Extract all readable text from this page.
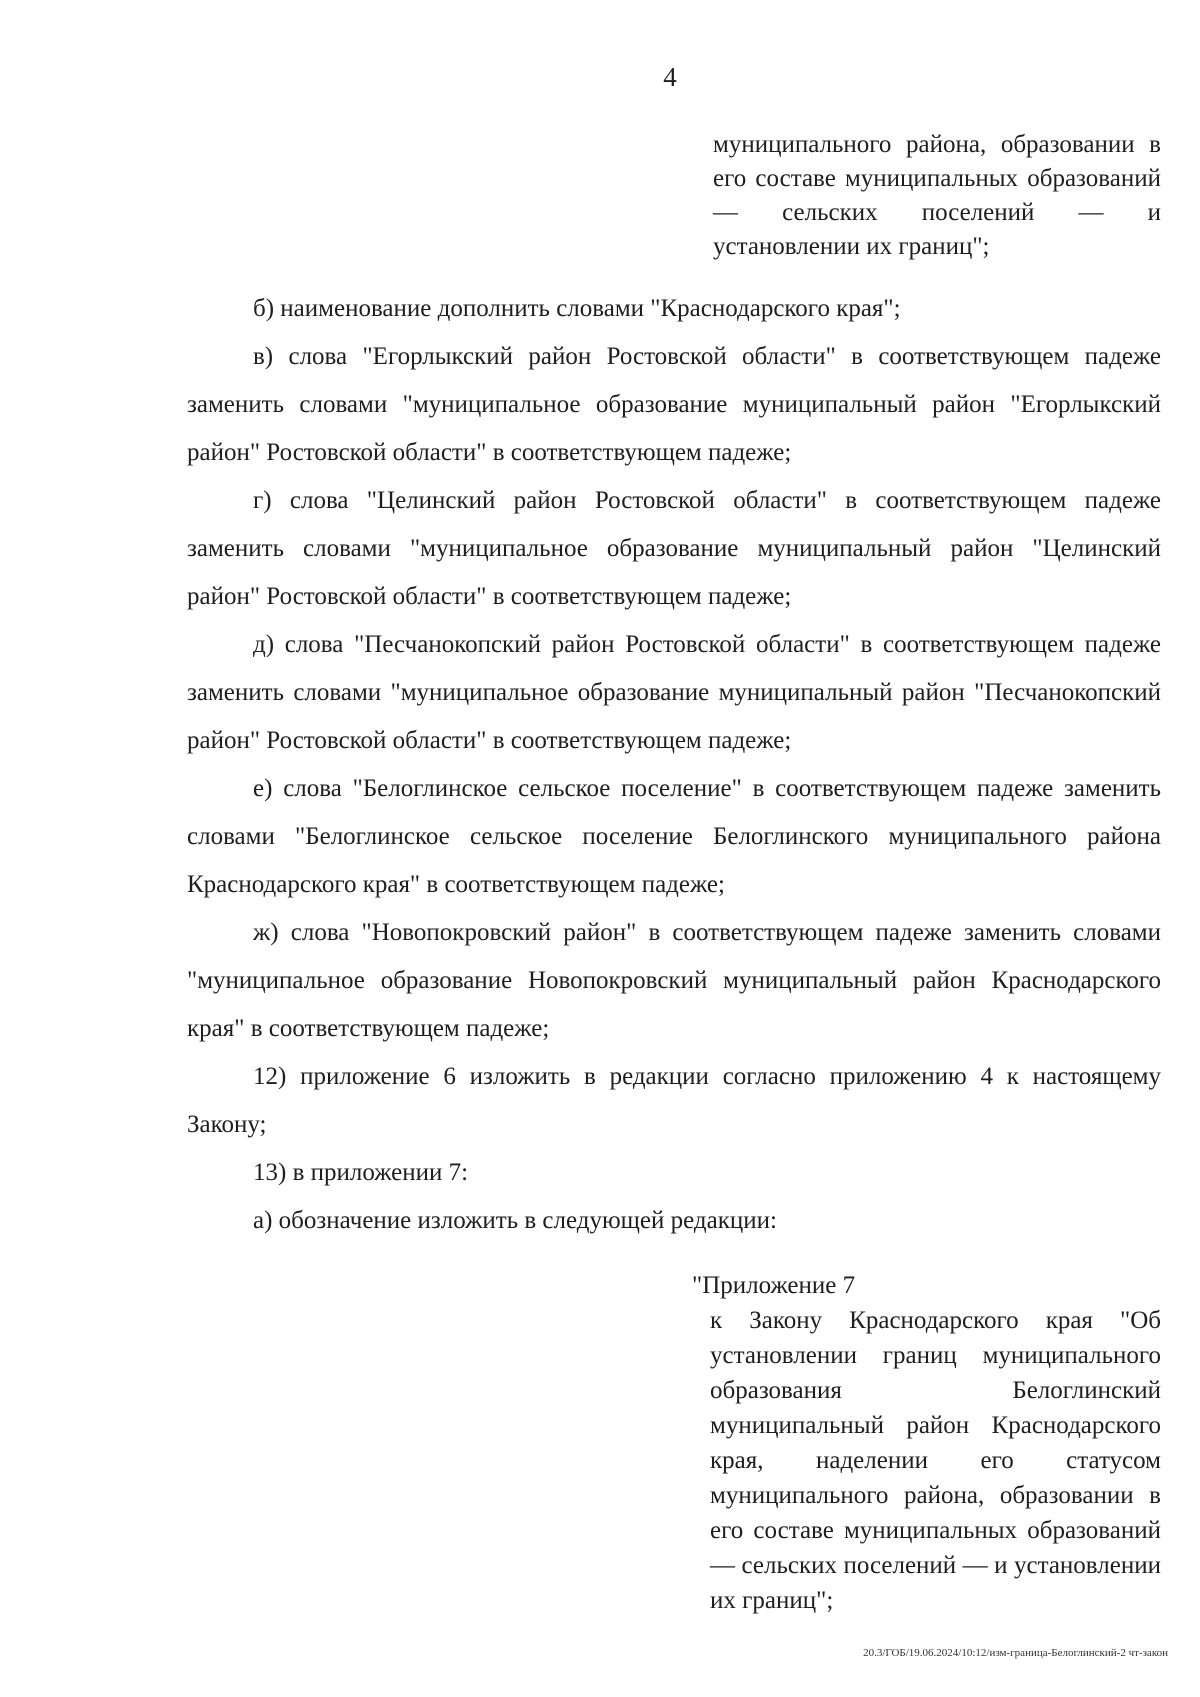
4
муниципального района, образовании в его составе муниципальных образований — сельских поселений — и установлении их границ";

б) наименование дополнить словами "Краснодарского края";

в) слова "Егорлыкский район Ростовской области" в соответствующем падеже заменить словами "муниципальное образование муниципальный район "Егорлыкский район" Ростовской области" в соответствующем падеже;

г) слова "Целинский район Ростовской области" в соответствующем падеже заменить словами "муниципальное образование муниципальный район "Целинский район" Ростовской области" в соответствующем падеже;

д) слова "Песчанокопский район Ростовской области" в соответствующем падеже заменить словами "муниципальное образование муниципальный район "Песчанокопский район" Ростовской области" в соответствующем падеже;

е) слова "Белоглинское сельское поселение" в соответствующем падеже заменить словами "Белоглинское сельское поселение Белоглинского муниципального района Краснодарского края" в соответствующем падеже;

ж) слова "Новопокровский район" в соответствующем падеже заменить словами "муниципальное образование Новопокровский муниципальный район Краснодарского края" в соответствующем падеже;

12) приложение 6 изложить в редакции согласно приложению 4 к настоящему Закону;

13) в приложении 7:

а) обозначение изложить в следующей редакции:

"Приложение 7
к Закону Краснодарского края "Об установлении границ муниципального образования Белоглинский муниципальный район Краснодарского края, наделении его статусом муниципального района, образовании в его составе муниципальных образований — сельских поселений — и установлении их границ";
20.3/ГОБ/19.06.2024/10:12/изм-граница-Белоглинский-2 чт-закон
